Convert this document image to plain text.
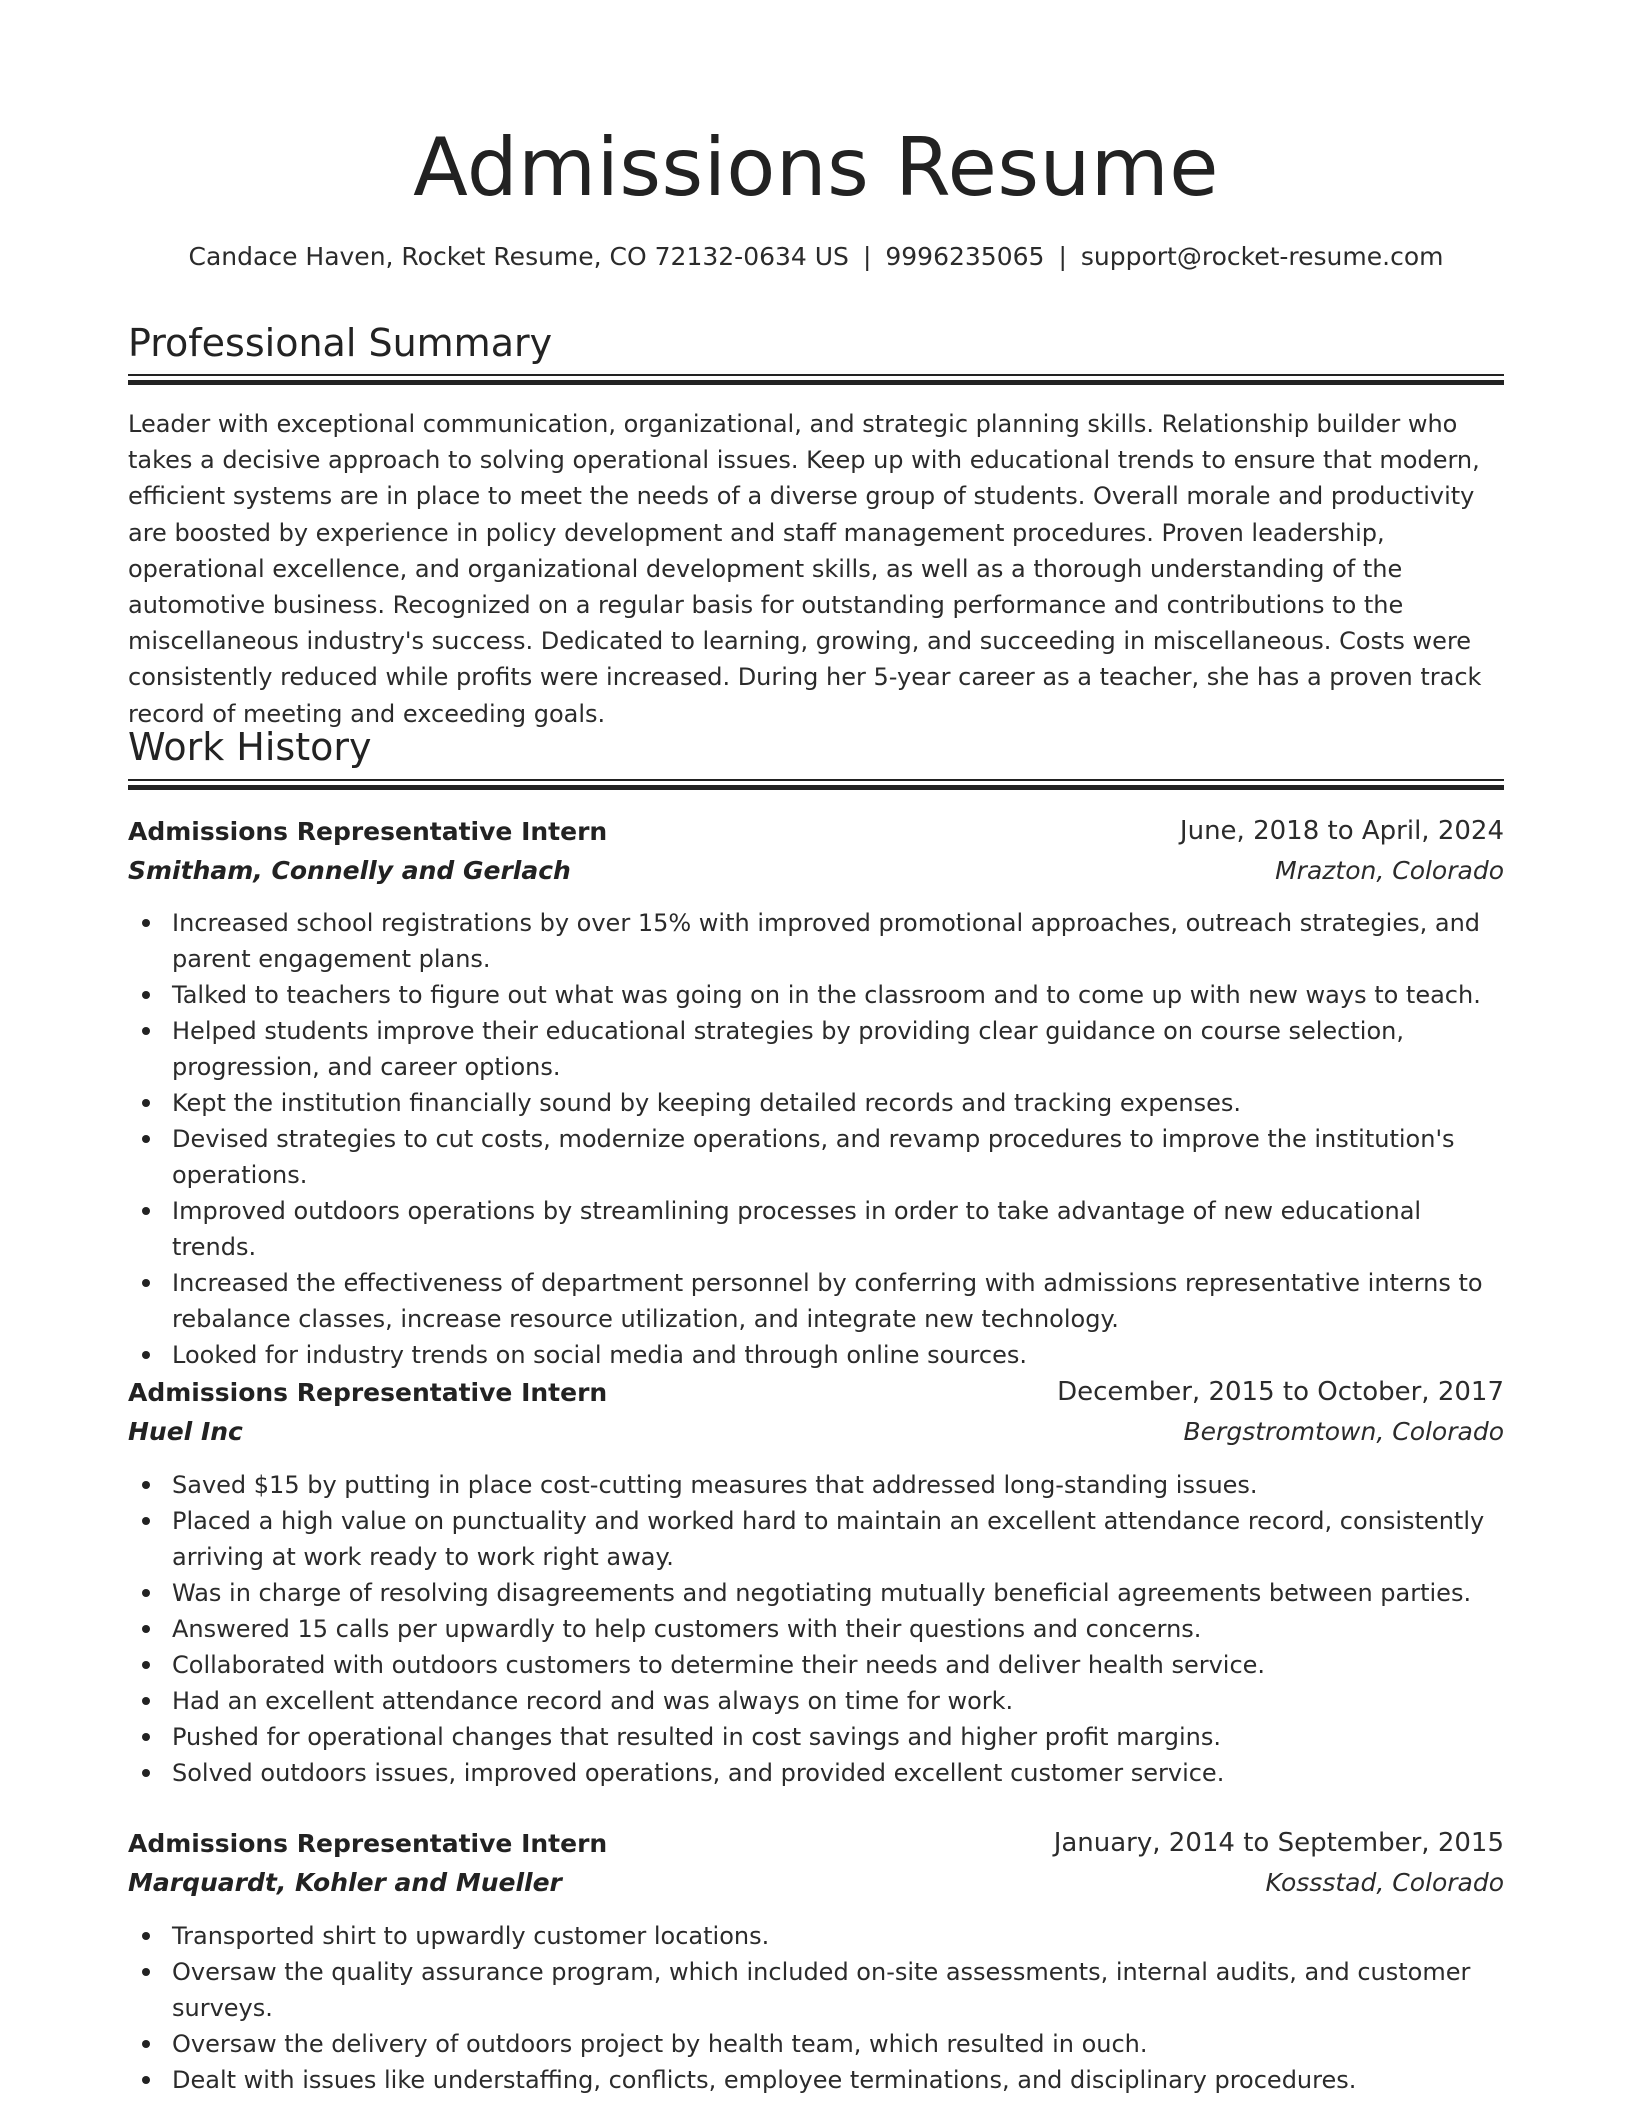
Admissions Resume
Candace Haven, Rocket Resume, CO 72132-0634 US | 9996235065 | support@rocket-resume.com
Professional Summary

Leader with exceptional communication, organizational, and strategic planning skills. Relationship builder who takes a decisive approach to solving operational issues. Keep up with educational trends to ensure that modern, efficient systems are in place to meet the needs of a diverse group of students. Overall morale and productivity are boosted by experience in policy development and staff management procedures. Proven leadership, operational excellence, and organizational development skills, as well as a thorough understanding of the automotive business. Recognized on a regular basis for outstanding performance and contributions to the miscellaneous industry's success. Dedicated to learning, growing, and succeeding in miscellaneous. Costs were consistently reduced while profits were increased. During her 5-year career as a teacher, she has a proven track record of meeting and exceeding goals.

Work History
Admissions Representative Intern	June, 2018 to April, 2024
Smitham, Connelly and Gerlach	Mrazton, Colorado
Increased school registrations by over 15% with improved promotional approaches, outreach strategies, and parent engagement plans.
Talked to teachers to figure out what was going on in the classroom and to come up with new ways to teach.
Helped students improve their educational strategies by providing clear guidance on course selection, progression, and career options.
Kept the institution financially sound by keeping detailed records and tracking expenses.
Devised strategies to cut costs, modernize operations, and revamp procedures to improve the institution's operations.
Improved outdoors operations by streamlining processes in order to take advantage of new educational trends.
Increased the effectiveness of department personnel by conferring with admissions representative interns to rebalance classes, increase resource utilization, and integrate new technology.
Looked for industry trends on social media and through online sources.
Admissions Representative Intern	December, 2015 to October, 2017
Huel Inc	Bergstromtown, Colorado
Saved $15 by putting in place cost-cutting measures that addressed long-standing issues.
Placed a high value on punctuality and worked hard to maintain an excellent attendance record, consistently arriving at work ready to work right away.
Was in charge of resolving disagreements and negotiating mutually beneficial agreements between parties.
Answered 15 calls per upwardly to help customers with their questions and concerns.
Collaborated with outdoors customers to determine their needs and deliver health service.
Had an excellent attendance record and was always on time for work.
Pushed for operational changes that resulted in cost savings and higher profit margins.
Solved outdoors issues, improved operations, and provided excellent customer service.
Admissions Representative Intern	January, 2014 to September, 2015
Marquardt, Kohler and Mueller	Kossstad, Colorado
Transported shirt to upwardly customer locations.
Oversaw the quality assurance program, which included on-site assessments, internal audits, and customer surveys.
Oversaw the delivery of outdoors project by health team, which resulted in ouch.
Dealt with issues like understaffing, conflicts, employee terminations, and disciplinary procedures.
